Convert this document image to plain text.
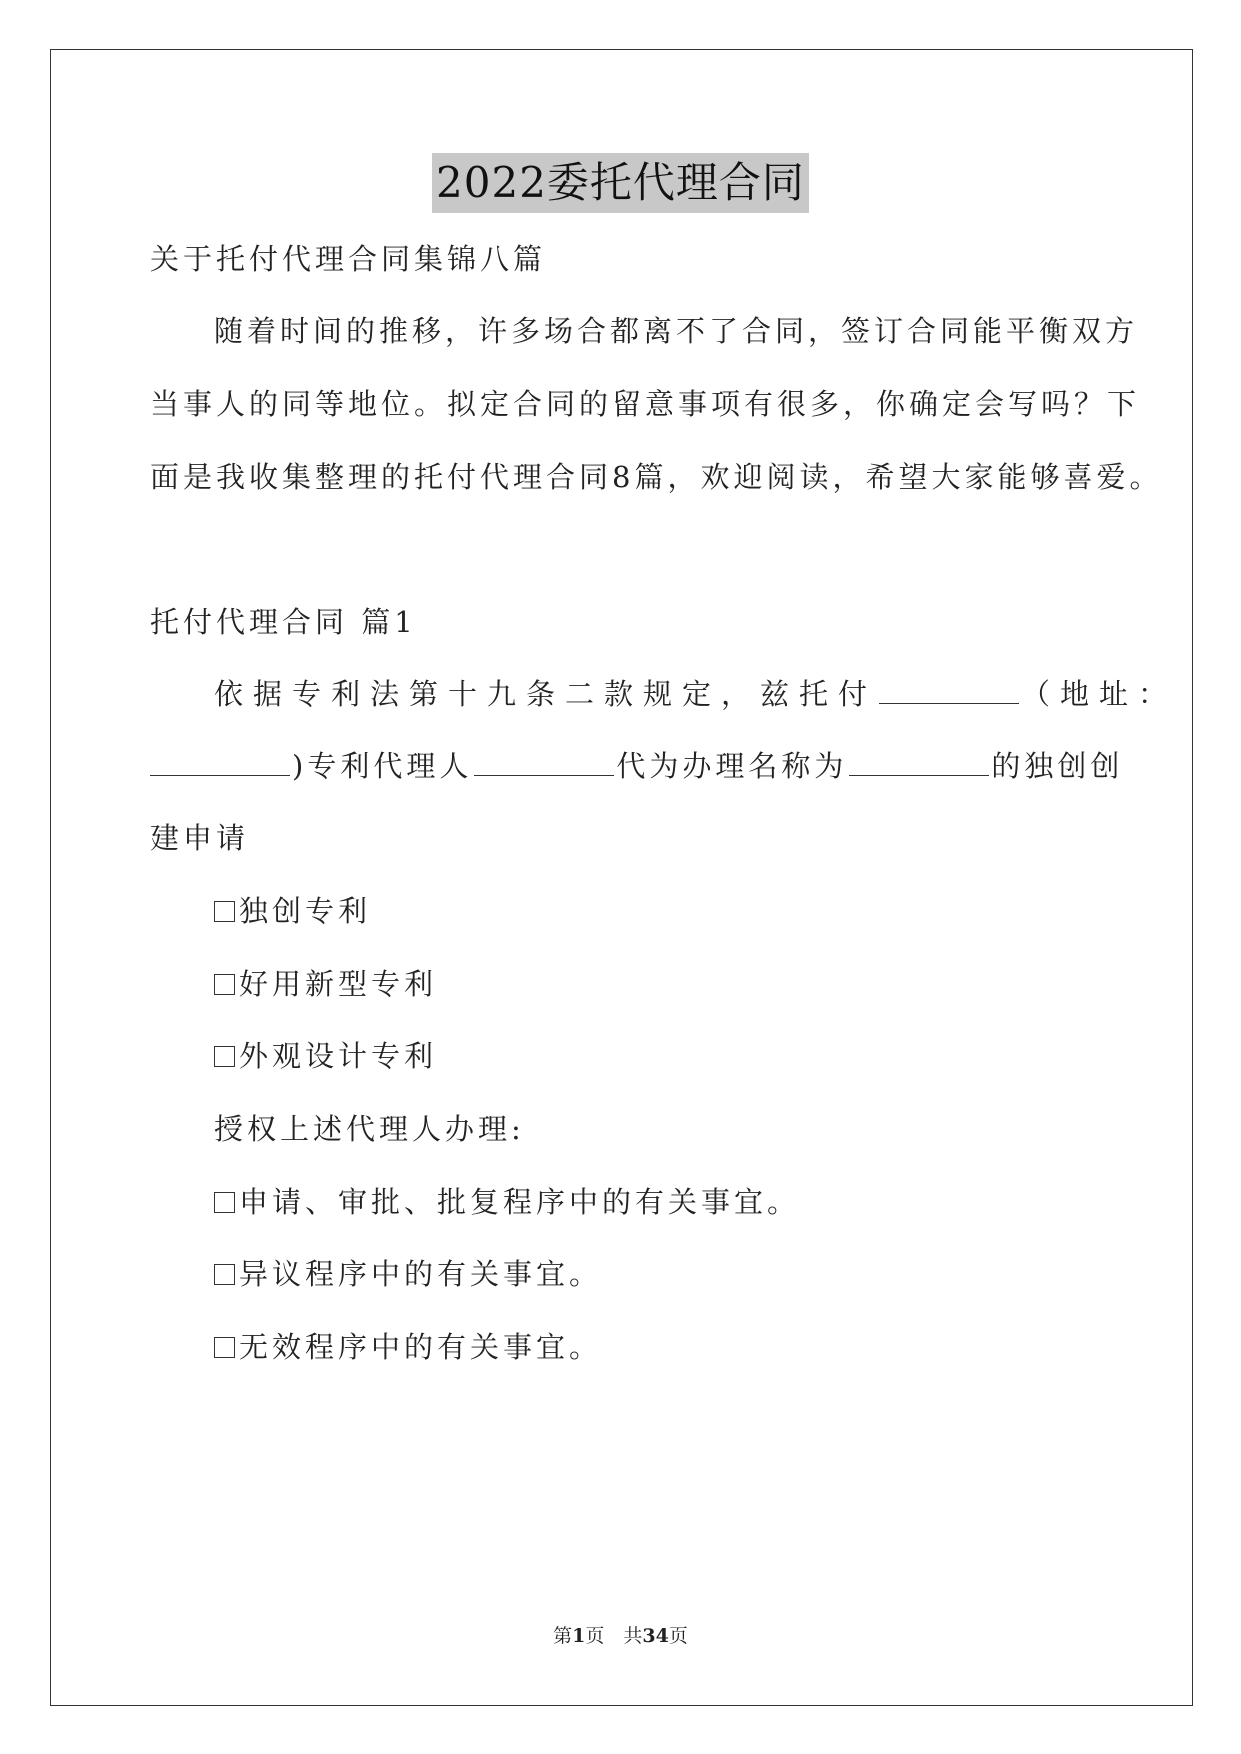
2022委托代理合同
关于托付代理合同集锦八篇
随着时间的推移，许多场合都离不了合同，签订合同能平衡双方
当事人的同等地位。拟定合同的留意事项有很多，你确定会写吗？下
面是我收集整理的托付代理合同8篇，欢迎阅读，希望大家能够喜爱。
托付代理合同 篇1
依据专利法第十九条二款规定，兹托付	（地址：
)专利代理人	代为办理名称为	的独创创
建申请
独创专利
好用新型专利
外观设计专利
授权上述代理人办理:
申请、审批、批复程序中的有关事宜。
异议程序中的有关事宜。
无效程序中的有关事宜。
第1页　共34页
